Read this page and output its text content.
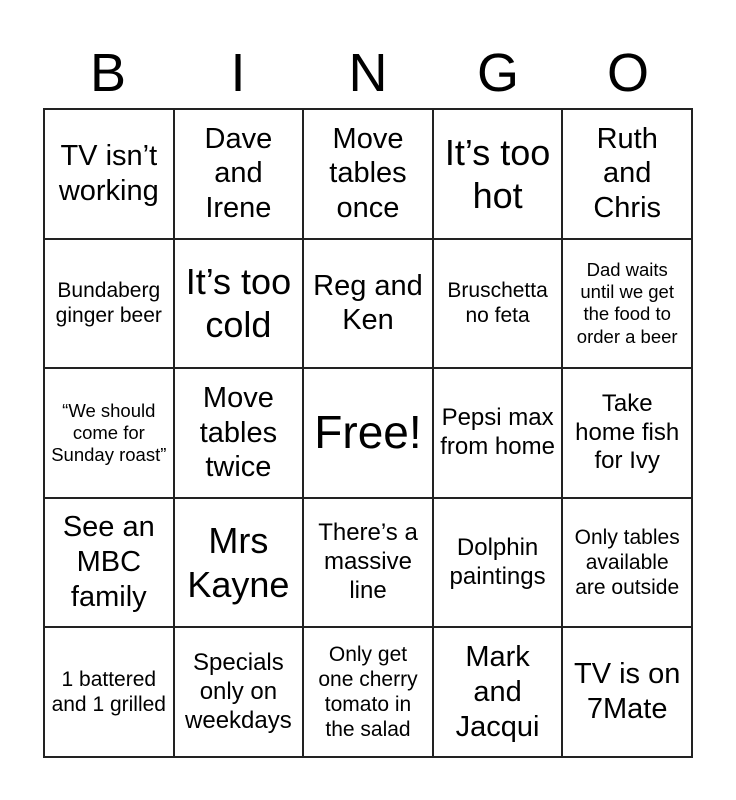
B	I	N	G	O
TV isn’t working
Dave and Irene
Move tables once
It’s too hot
Ruth and Chris
Bundaberg ginger beer
It’s too cold
Reg and Ken
Bruschetta no feta
Dad waits until we get the food to order a beer
“We should come for Sunday roast”
Move tables twice
Free! Pepsi max from home
Take home fish for Ivy
See an MBC family
Mrs Kayne
There’s a massive line
Dolphin paintings
Only tables available are outside
1 battered and 1 grilled
Specials only on weekdays
Only get one cherry tomato in the salad
Mark and Jacqui
TV is on 7Mate
